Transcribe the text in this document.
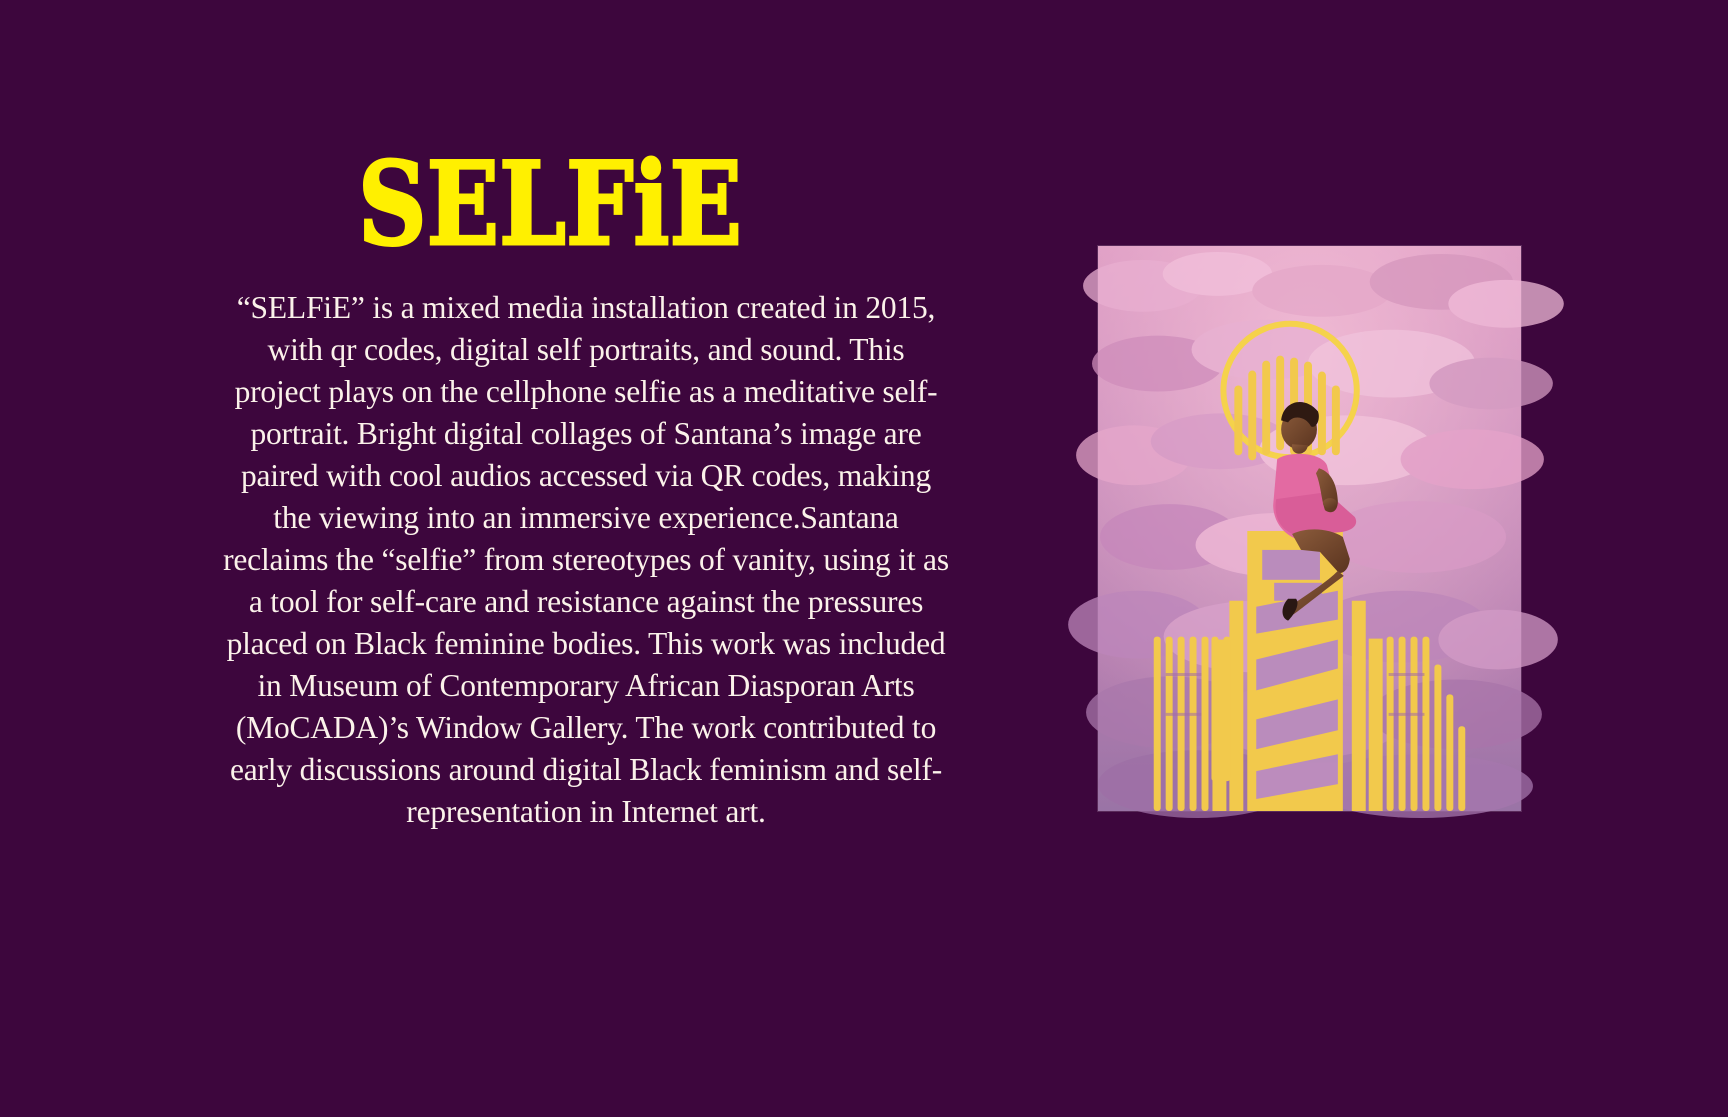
SELFiE

“SELFiE” is a mixed media installation created in 2015, with qr codes, digital self portraits, and sound. This project plays on the cellphone selfie as a meditative self-portrait. Bright digital collages of Santana’s image are paired with cool audios accessed via QR codes, making the viewing into an immersive experience.Santana reclaims the “selfie” from stereotypes of vanity, using it as a tool for self-care and resistance against the pressures placed on Black feminine bodies. This work was included in Museum of Contemporary African Diasporan Arts (MoCADA)’s Window Gallery. The work contributed to early discussions around digital Black feminism and self-representation in Internet art.
